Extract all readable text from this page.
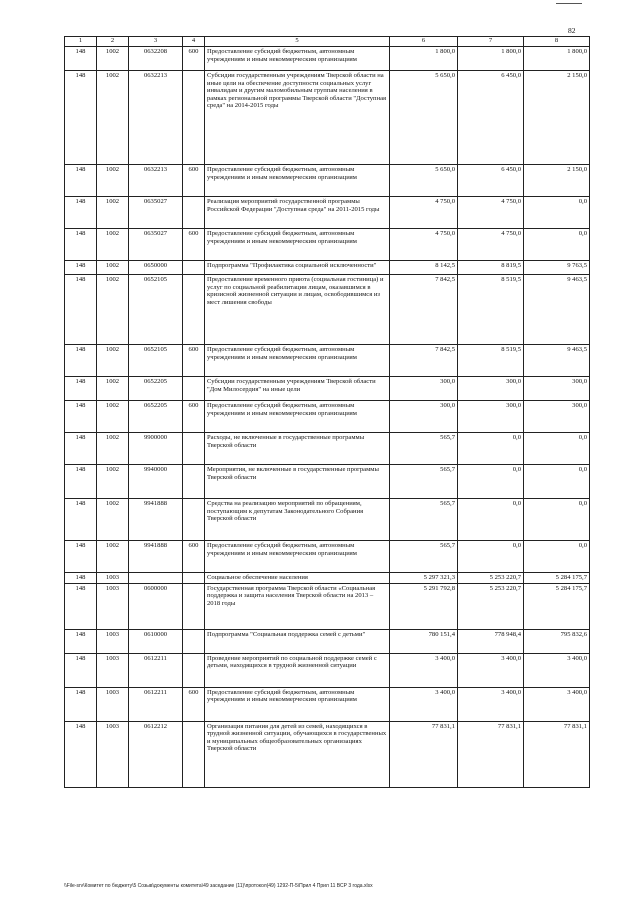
82
1	2	3	4	5	6	7	8
148	1002	0632208	600	Предоставление субсидий бюджетным, автономным учреждениям и иным некоммерческим организациям	1 800,0	1 800,0	1 800,0
148	1002	0632213		Субсидии государственным учреждениям Тверской области на иные цели на обеспечение доступности социальных услуг инвалидам и другим маломобильным группам населения в рамках региональной программы Тверской области "Доступная среда" на 2014-2015 годы	5 650,0	6 450,0	2 150,0
148	1002	0632213	600	Предоставление субсидий бюджетным, автономным учреждениям и иным некоммерческим организациям	5 650,0	6 450,0	2 150,0
148	1002	0635027		Реализация мероприятий государственной программы Российской Федерации "Доступная среда" на 2011-2015 годы	4 750,0	4 750,0	0,0
148	1002	0635027	600	Предоставление субсидий бюджетным, автономным учреждениям и иным некоммерческим организациям	4 750,0	4 750,0	0,0
148	1002	0650000		Подпрограмма "Профилактика социальной исключенности"	8 142,5	8 819,5	9 763,5
148	1002	0652105		Предоставление временного приюта (социальная гостиница) и услуг по социальной реабилитации лицам, оказавшимся в кризисной жизненной ситуации и лицам, освободившимся из мест лишения свободы	7 842,5	8 519,5	9 463,5
148	1002	0652105	600	Предоставление субсидий бюджетным, автономным учреждениям и иным некоммерческим организациям	7 842,5	8 519,5	9 463,5
148	1002	0652205		Субсидии государственным учреждениям Тверской области "Дом Милосердия" на иные цели	300,0	300,0	300,0
148	1002	0652205	600	Предоставление субсидий бюджетным, автономным учреждениям и иным некоммерческим организациям	300,0	300,0	300,0
148	1002	9900000		Расходы, не включенные в государственные программы Тверской области	565,7	0,0	0,0
148	1002	9940000		Мероприятия, не включенные в государственные программы Тверской области	565,7	0,0	0,0
148	1002	9941888		Средства на реализацию мероприятий по обращениям, поступающим к депутатам Законодательного Собрания Тверской области	565,7	0,0	0,0
148	1002	9941888	600	Предоставление субсидий бюджетным, автономным учреждениям и иным некоммерческим организациям	565,7	0,0	0,0
148	1003			Социальное обеспечение населения	5 297 321,3	5 253 220,7	5 284 175,7
148	1003	0600000		Государственная программа Тверской области «Социальная поддержка и защита населения Тверской области на 2013 – 2018 годы	5 291 792,8	5 253 220,7	5 284 175,7
148	1003	0610000		Подпрограмма "Социальная поддержка семей с детьми"	780 151,4	778 948,4	795 832,6
148	1003	0612211		Проведение мероприятий по социальной поддержке семей с детьми, находящихся в трудной жизненной ситуации	3 400,0	3 400,0	3 400,0
148	1003	0612211	600	Предоставление субсидий бюджетным, автономным учреждениям и иным некоммерческим организациям	3 400,0	3 400,0	3 400,0
148	1003	0612212		Организация питания для детей из семей, находящихся в трудной жизненной ситуации, обучающихся в государственных и муниципальных общеобразовательных организациях Тверской области	77 831,1	77 831,1	77 831,1
\\File-srv\Комитет по бюджету\5 Созыв\документы комитета\49 заседание (11)\протокол(49) 1292-П-5\Прил 4 Прил 11 ВСР 3 года.xlsx
